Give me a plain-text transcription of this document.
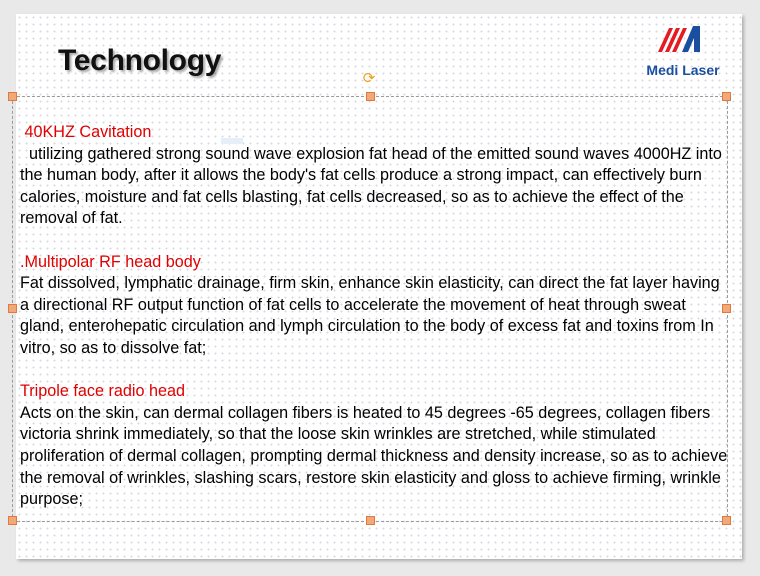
Technology	Medi Laser
⟳
40KHZ Cavitation
utilizing gathered strong sound wave explosion fat head of the emitted sound waves 4000HZ into the human body, after it allows the body's fat cells produce a strong impact, can effectively burn calories, moisture and fat cells blasting, fat cells decreased, so as to achieve the effect of the removal of fat.
.Multipolar RF head body
Fat dissolved, lymphatic drainage, firm skin, enhance skin elasticity, can direct the fat layer having a directional RF output function of fat cells to accelerate the movement of heat through sweat gland, enterohepatic circulation and lymph circulation to the body of excess fat and toxins from In vitro, so as to dissolve fat;
Tripole face radio head
Acts on the skin, can dermal collagen fibers is heated to 45 degrees -65 degrees, collagen fibers victoria shrink immediately, so that the loose skin wrinkles are stretched, while stimulated proliferation of dermal collagen, prompting dermal thickness and density increase, so as to achieve the removal of wrinkles, slashing scars, restore skin elasticity and gloss to achieve firming, wrinkle purpose;
